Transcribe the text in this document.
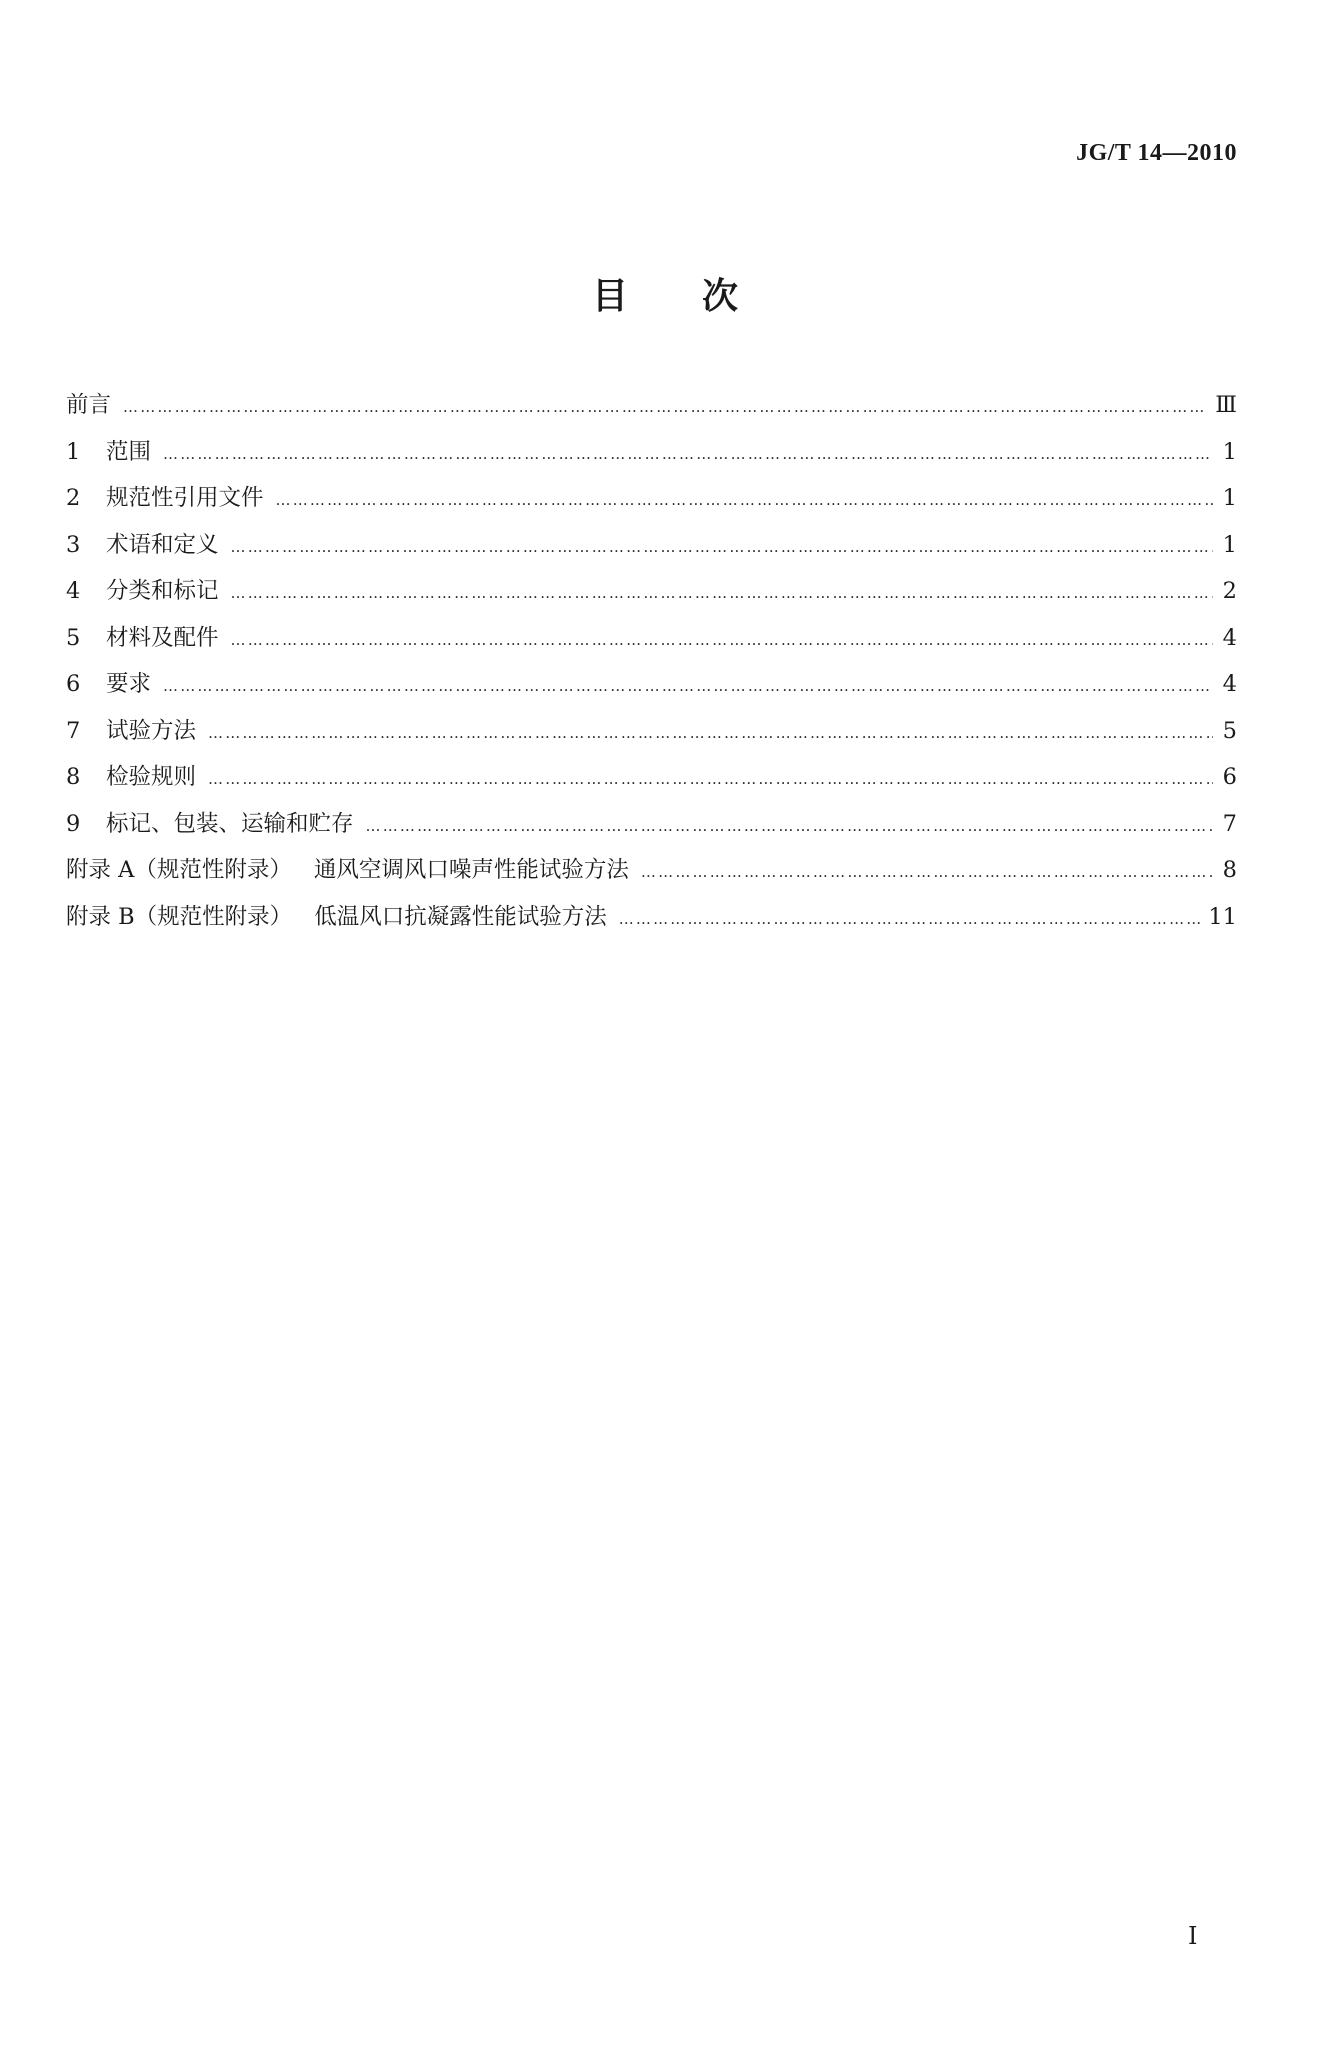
JG/T 14—2010
目次
前言 ………………………………………………………………………………………………………………………………………………………………………………………………	Ⅲ
1	范围 ………………………………………………………………………………………………………………………………………………………………………………………………	1
2	规范性引用文件 ………………………………………………………………………………………………………………………………………………………………………………………………	1
3	术语和定义 ………………………………………………………………………………………………………………………………………………………………………………………………	1
4	分类和标记 ………………………………………………………………………………………………………………………………………………………………………………………………	2
5	材料及配件 ………………………………………………………………………………………………………………………………………………………………………………………………	4
6	要求 ………………………………………………………………………………………………………………………………………………………………………………………………	4
7	试验方法 ………………………………………………………………………………………………………………………………………………………………………………………………	5
8	检验规则 ………………………………………………………………………………………………………………………………………………………………………………………………	6
9	标记、包装、运输和贮存 ………………………………………………………………………………………………………………………………………………………………………………………………	7
附录 A（规范性附录） 通风空调风口噪声性能试验方法 ………………………………………………………………………………………………………………………………………………………………………………………………	8
附录 B（规范性附录） 低温风口抗凝露性能试验方法 ………………………………………………………………………………………………………………………………………………………………………………………………	11
I
